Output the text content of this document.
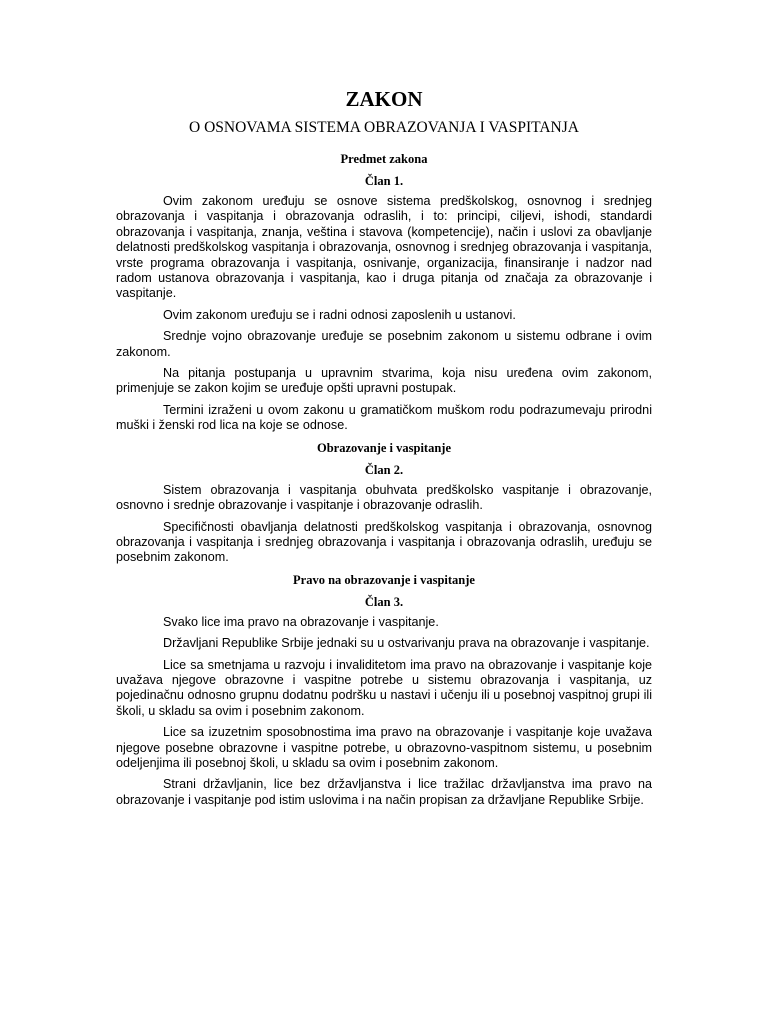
ZAKON
O OSNOVAMA SISTEMA OBRAZOVANJA I VASPITANJA
Predmet zakona
Član 1.

Ovim zakonom uređuju se osnove sistema predškolskog, osnovnog i srednjeg obrazovanja i vaspitanja i obrazovanja odraslih, i to: principi, ciljevi, ishodi, standardi obrazovanja i vaspitanja, znanja, veština i stavova (kompetencije), način i uslovi za obavljanje delatnosti predškolskog vaspitanja i obrazovanja, osnovnog i srednjeg obrazovanja i vaspitanja, vrste programa obrazovanja i vaspitanja, osnivanje, organizacija, finansiranje i nadzor nad radom ustanova obrazovanja i vaspitanja, kao i druga pitanja od značaja za obrazovanje i vaspitanje.

Ovim zakonom uređuju se i radni odnosi zaposlenih u ustanovi.

Srednje vojno obrazovanje uređuje se posebnim zakonom u sistemu odbrane i ovim zakonom.

Na pitanja postupanja u upravnim stvarima, koja nisu uređena ovim zakonom, primenjuje se zakon kojim se uređuje opšti upravni postupak.

Termini izraženi u ovom zakonu u gramatičkom muškom rodu podrazumevaju prirodni muški i ženski rod lica na koje se odnose.

Obrazovanje i vaspitanje
Član 2.

Sistem obrazovanja i vaspitanja obuhvata predškolsko vaspitanje i obrazovanje, osnovno i srednje obrazovanje i vaspitanje i obrazovanje odraslih.

Specifičnosti obavljanja delatnosti predškolskog vaspitanja i obrazovanja, osnovnog obrazovanja i vaspitanja i srednjeg obrazovanja i vaspitanja i obrazovanja odraslih, uređuju se posebnim zakonom.

Pravo na obrazovanje i vaspitanje
Član 3.

Svako lice ima pravo na obrazovanje i vaspitanje.

Državljani Republike Srbije jednaki su u ostvarivanju prava na obrazovanje i vaspitanje.

Lice sa smetnjama u razvoju i invaliditetom ima pravo na obrazovanje i vaspitanje koje uvažava njegove obrazovne i vaspitne potrebe u sistemu obrazovanja i vaspitanja, uz pojedinačnu odnosno grupnu dodatnu podršku u nastavi i učenju ili u posebnoj vaspitnoj grupi ili školi, u skladu sa ovim i posebnim zakonom.

Lice sa izuzetnim sposobnostima ima pravo na obrazovanje i vaspitanje koje uvažava njegove posebne obrazovne i vaspitne potrebe, u obrazovno-vaspitnom sistemu, u posebnim odeljenjima ili posebnoj školi, u skladu sa ovim i posebnim zakonom.

Strani državljanin, lice bez državljanstva i lice tražilac državljanstva ima pravo na obrazovanje i vaspitanje pod istim uslovima i na način propisan za državljane Republike Srbije.
